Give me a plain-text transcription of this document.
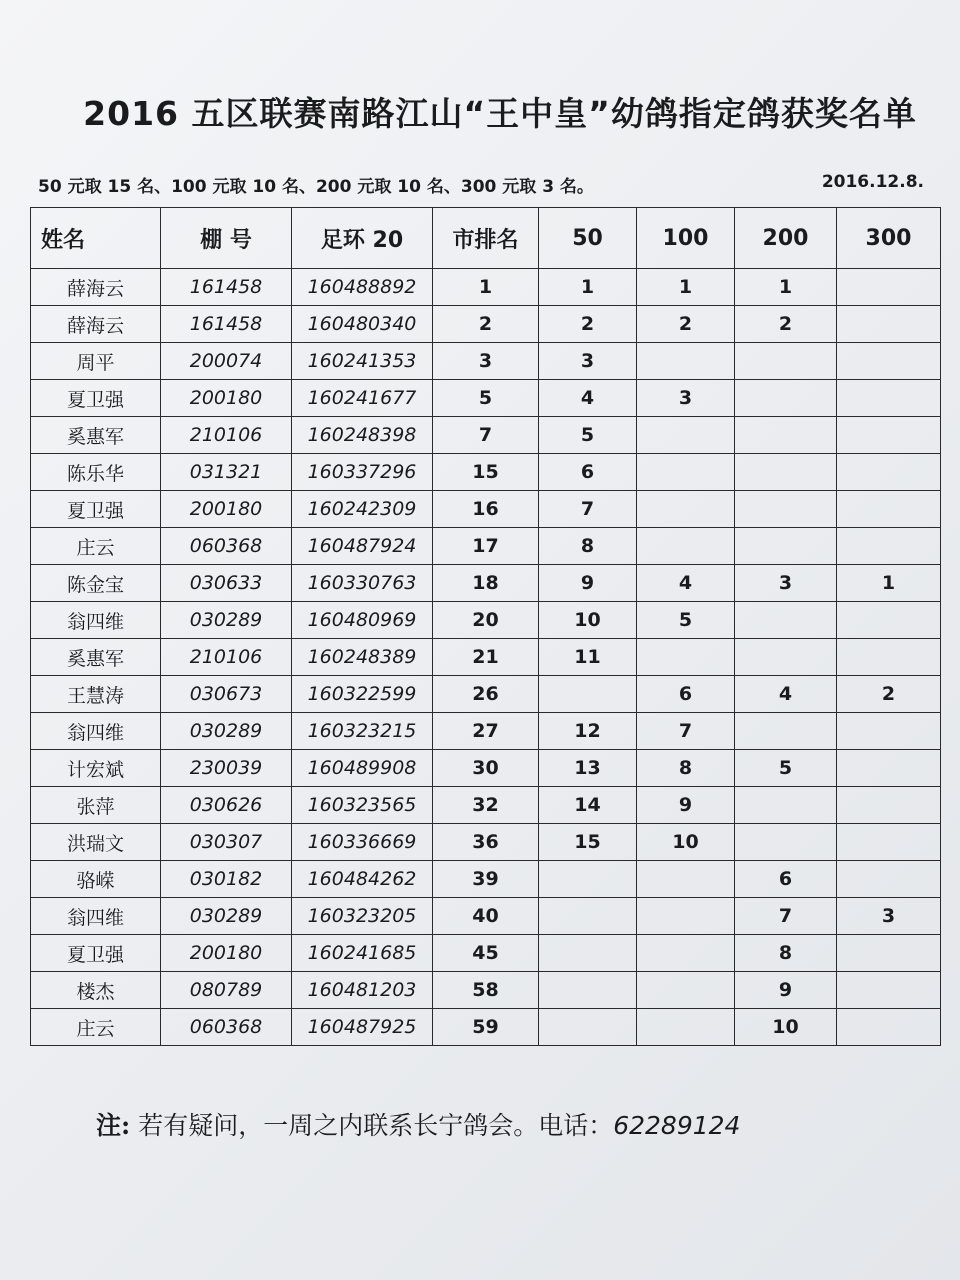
2016 五区联赛南路江山“王中皇”幼鸽指定鸽获奖名单
50 元取 15 名、100 元取 10 名、200 元取 10 名、300 元取 3 名。	2016.12.8.
姓名	棚 号	足环 20	市排名	50	100	200	300
薛海云	161458	160488892	1	1	1	1	
薛海云	161458	160480340	2	2	2	2	
周平	200074	160241353	3	3			
夏卫强	200180	160241677	5	4	3		
奚惠军	210106	160248398	7	5			
陈乐华	031321	160337296	15	6			
夏卫强	200180	160242309	16	7			
庄云	060368	160487924	17	8			
陈金宝	030633	160330763	18	9	4	3	1
翁四维	030289	160480969	20	10	5		
奚惠军	210106	160248389	21	11			
王慧涛	030673	160322599	26		6	4	2
翁四维	030289	160323215	27	12	7		
计宏斌	230039	160489908	30	13	8	5	
张萍	030626	160323565	32	14	9		
洪瑞文	030307	160336669	36	15	10		
骆嵘	030182	160484262	39			6	
翁四维	030289	160323205	40			7	3
夏卫强	200180	160241685	45			8	
楼杰	080789	160481203	58			9	
庄云	060368	160487925	59			10	
注: 若有疑问，一周之内联系长宁鸽会。电话：62289124
